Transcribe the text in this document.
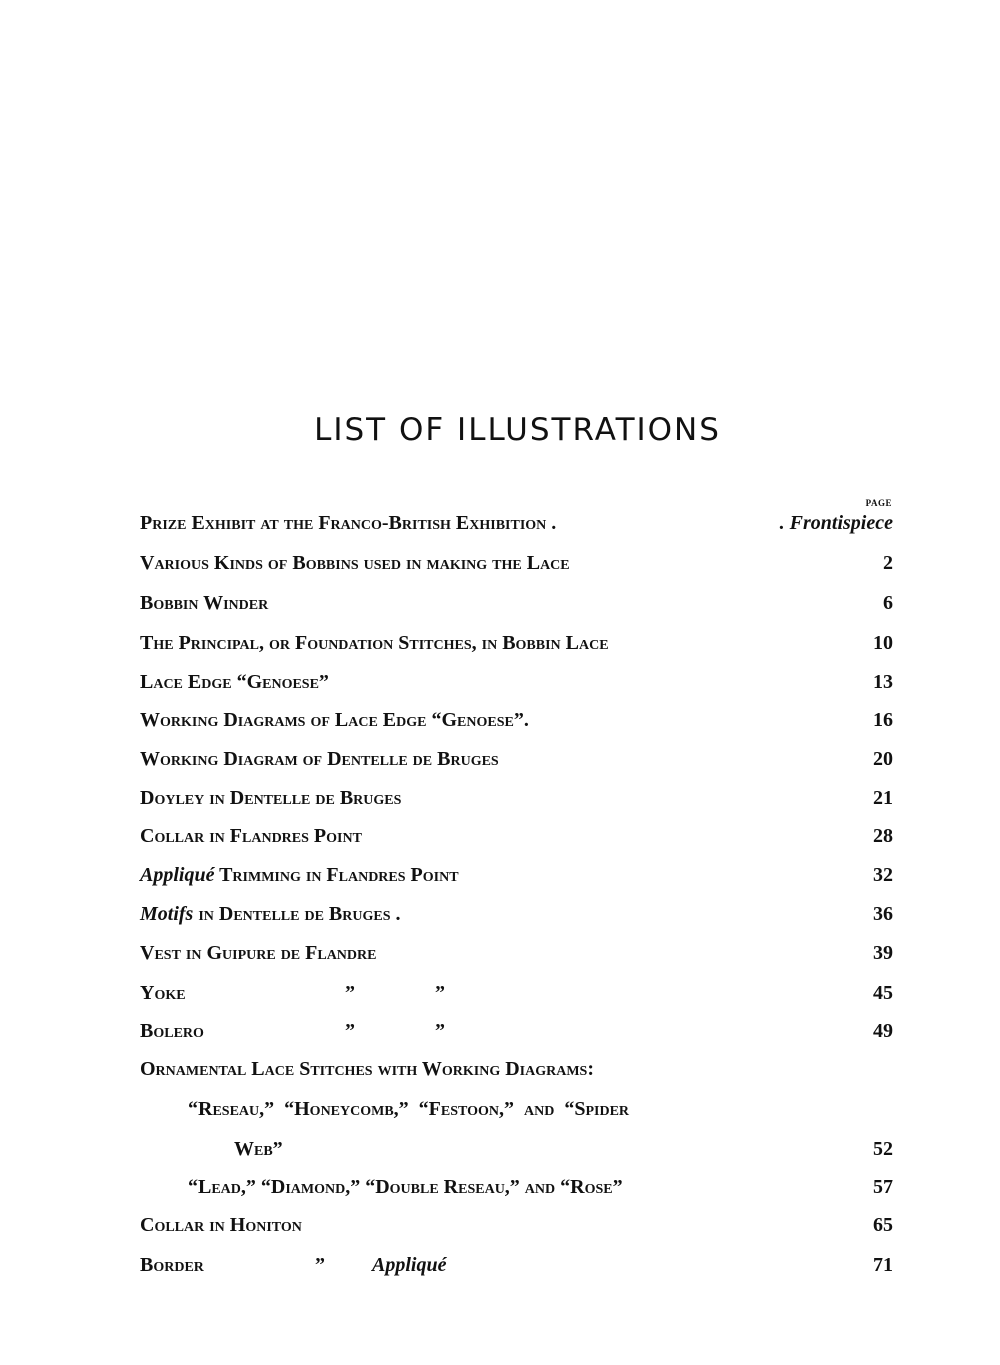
LIST OF ILLUSTRATIONS
PAGE
Prize Exhibit at the Franco-British Exhibition .	. Frontispiece
Various Kinds of Bobbins used in making the Lace	2
Bobbin Winder	6
The Principal, or Foundation Stitches, in Bobbin Lace	10
Lace Edge “Genoese”	13
Working Diagrams of Lace Edge “Genoese”.	16
Working Diagram of Dentelle de Bruges	20
Doyley in Dentelle de Bruges	21
Collar in Flandres Point	28
Appliqué Trimming in Flandres Point	32
Motifs in Dentelle de Bruges .	36
Vest in Guipure de Flandre	39
Yoke	”	”	45
Bolero	”	”	49
Ornamental Lace Stitches with Working Diagrams:
“Reseau,”  “Honeycomb,”  “Festoon,”  and  “Spider
Web”	52
“Lead,” “Diamond,” “Double Reseau,” and “Rose”	57
Collar in Honiton	65
Border	” Appliqué	71
